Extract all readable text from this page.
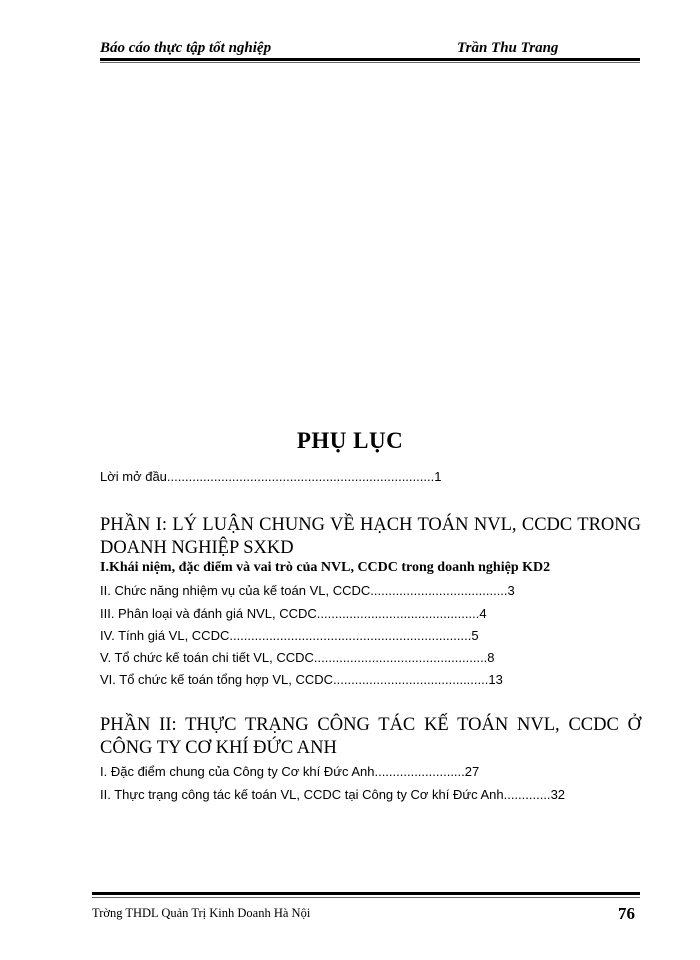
Báo cáo thực tập tốt nghiệp	Trần Thu Trang
PHỤ LỤC
Lời mở đầu..........................................................................1
PHẦN I: LÝ LUẬN CHUNG VỀ HẠCH TOÁN NVL, CCDC TRONG DOANH NGHIỆP SXKD
I.Khái niệm, đặc điểm và vai trò của NVL, CCDC trong doanh nghiệp KD2
II. Chức năng nhiệm vụ của kế toán VL, CCDC......................................3
III. Phân loại và đánh giá NVL, CCDC.............................................4
IV. Tính giá VL, CCDC...................................................................5
V. Tổ chức kế toán chi tiết VL, CCDC................................................8
VI. Tổ chức kế toán tổng hợp VL, CCDC...........................................13
PHẦN II: THỰC TRẠNG CÔNG TÁC KẾ TOÁN NVL, CCDC Ở CÔNG TY CƠ KHÍ ĐỨC ANH
I. Đặc điểm chung của Công ty Cơ khí Đức Anh.........................27
II. Thực trạng công tác kế toán VL, CCDC tại Công ty Cơ khí Đức Anh.............32
Trờng THDL Quản Trị Kinh Doanh Hà Nội	76
